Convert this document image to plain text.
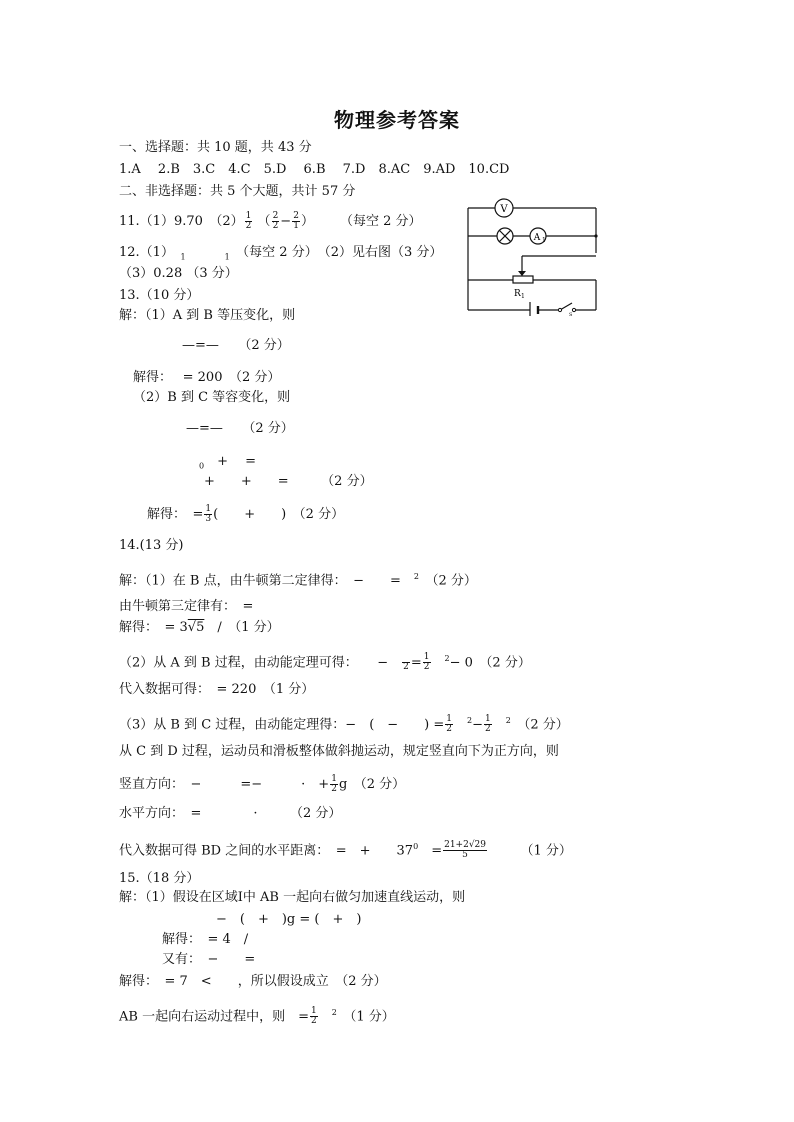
物理参考答案
一、选择题：共 10 题，共 43 分
1.A　 2.B　3.C　4.C　5.D　 6.B　 7.D　8.AC　9.AD　10.CD
二、非选择题：共 5 个大题，共计 57 分
11.（1）9.70　$(2) \frac{1}{2}$ （ $\frac{2}{2} - \frac{2}{1}$ ）　　　（每空 2 分）
12.（1）　$_1$　　　	$_1$　（每空 2 分）　（2）见右图（3 分）
（3）0.28 （3 分）
13.（10 分）
解：（1）A 到 B 等压变化，则
—=—　　（2 分）
解得：　 = 200　（2 分）
（2）B 到 C 等容变化，则
—=—　　（2 分）
$_0$　 +　 =
+　　+　　=　　　（2 分）
解得：　= $\frac{1}{3}$ (　　+　　)　（2 分）
14.(13 分)
解：（1）在 B 点，由牛顿第二定律得：　−　　=　$^2$　 （2 分）
由牛顿第三定律有：　=
解得：　= 3√5　∕　（1 分）
（2）从 A 到 B 过程，由动能定理可得：　　−　
$2 = \frac{1}{2}$
　 $^2$− 0　（2 分）
代入数据可得：　= 220　（1 分）
（3）从 B 到 C 过程，由动能定理得：−　(　−　　) = $\frac{1}{2}$
　 $^2- \frac{1}{2}$
　 $^2$　 （2 分）
从 C 到 D 过程，运动员和滑板整体做斜抛运动，规定竖直向下为正方向，则
竖直方向：　−　　　=−　　　·　+ $\frac{1}{2}$ g　（2 分）
水平方向：　=　　　　·　　　（2 分）
代入数据可得 BD 之间的水平距离：　=　+　　$37^0$　 = $\frac{21+2√29}{5}$
　　　	（1 分）
15.（18 分）
解：（1）假设在区域Ⅰ中 AB 一起向右做匀加速直线运动，则
−　(　+　)g = (　+　)
解得：　= 4　/
又有：　−　　=
解得：　= 7　<　　，所以假设成立　（2 分）
AB 一起向右运动过程中，则　= $\frac{1}{2}$
　 $^2$　 （1 分）
V
A 1
R 1
S
